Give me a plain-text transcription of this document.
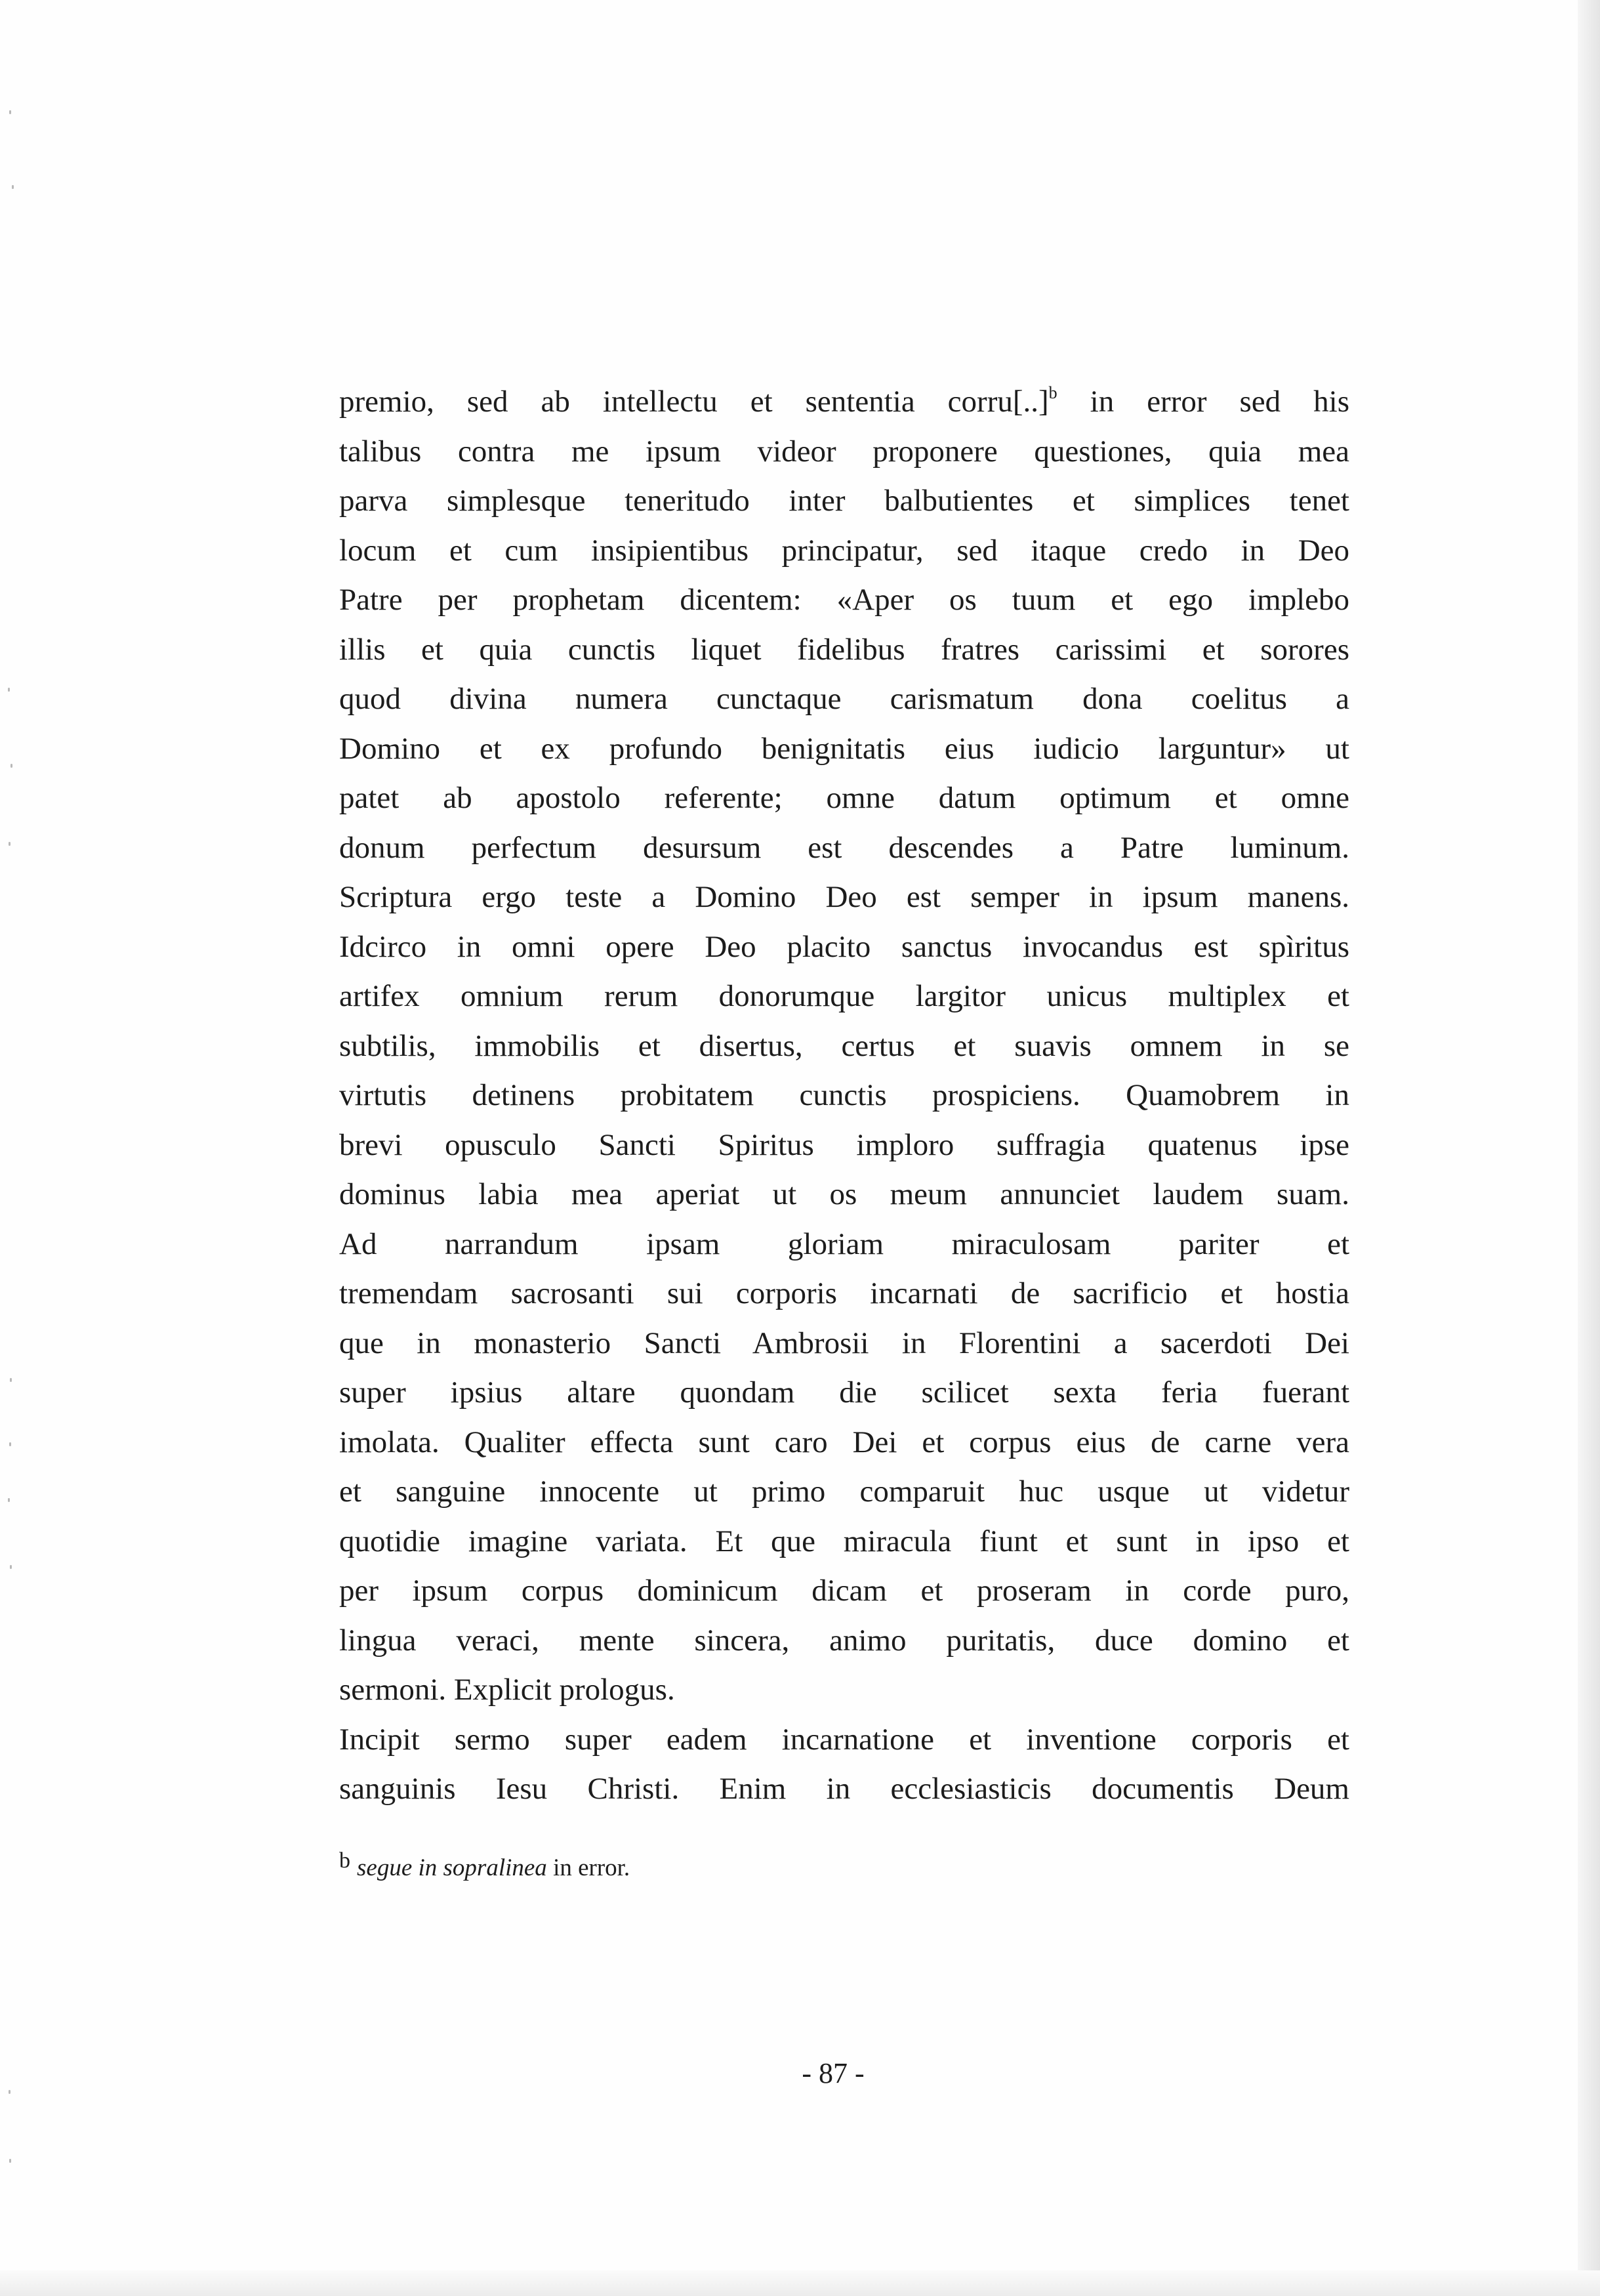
premio, sed ab intellectu et sententia corru[..]$^b$ in error sed his
talibus contra me ipsum videor proponere questiones, quia mea
parva simplesque teneritudo inter balbutientes et simplices tenet
locum et cum insipientibus principatur, sed itaque credo in Deo
Patre per prophetam dicentem: «Aper os tuum et ego implebo
illis et quia cunctis liquet fidelibus fratres carissimi et sorores
quod divina numera cunctaque carismatum dona coelitus a
Domino et ex profundo benignitatis eius iudicio larguntur» ut
patet ab apostolo referente; omne datum optimum et omne
donum perfectum desursum est descendes a Patre luminum.
Scriptura ergo teste a Domino Deo est semper in ipsum manens.
Idcirco in omni opere Deo placito sanctus invocandus est spìritus
artifex omnium rerum donorumque largitor unicus multiplex et
subtilis, immobilis et disertus, certus et suavis omnem in se
virtutis detinens probitatem cunctis prospiciens. Quamobrem in
brevi opusculo Sancti Spiritus imploro suffragia quatenus ipse
dominus labia mea aperiat ut os meum annunciet laudem suam.
Ad narrandum ipsam gloriam miraculosam pariter et
tremendam sacrosanti sui corporis incarnati de sacrificio et hostia
que in monasterio Sancti Ambrosii in Florentini a sacerdoti Dei
super ipsius altare quondam die scilicet sexta feria fuerant
imolata. Qualiter effecta sunt caro Dei et corpus eius de carne vera
et sanguine innocente ut primo comparuit huc usque ut videtur
quotidie imagine variata. Et que miracula fiunt et sunt in ipso et
per ipsum corpus dominicum dicam et proseram in corde puro,
lingua veraci, mente sincera, animo puritatis, duce domino et
sermoni. Explicit prologus.
Incipit sermo super eadem incarnatione et inventione corporis et
sanguinis Iesu Christi. Enim in ecclesiasticis documentis Deum
b segue in sopralinea in error.
- 87 -
